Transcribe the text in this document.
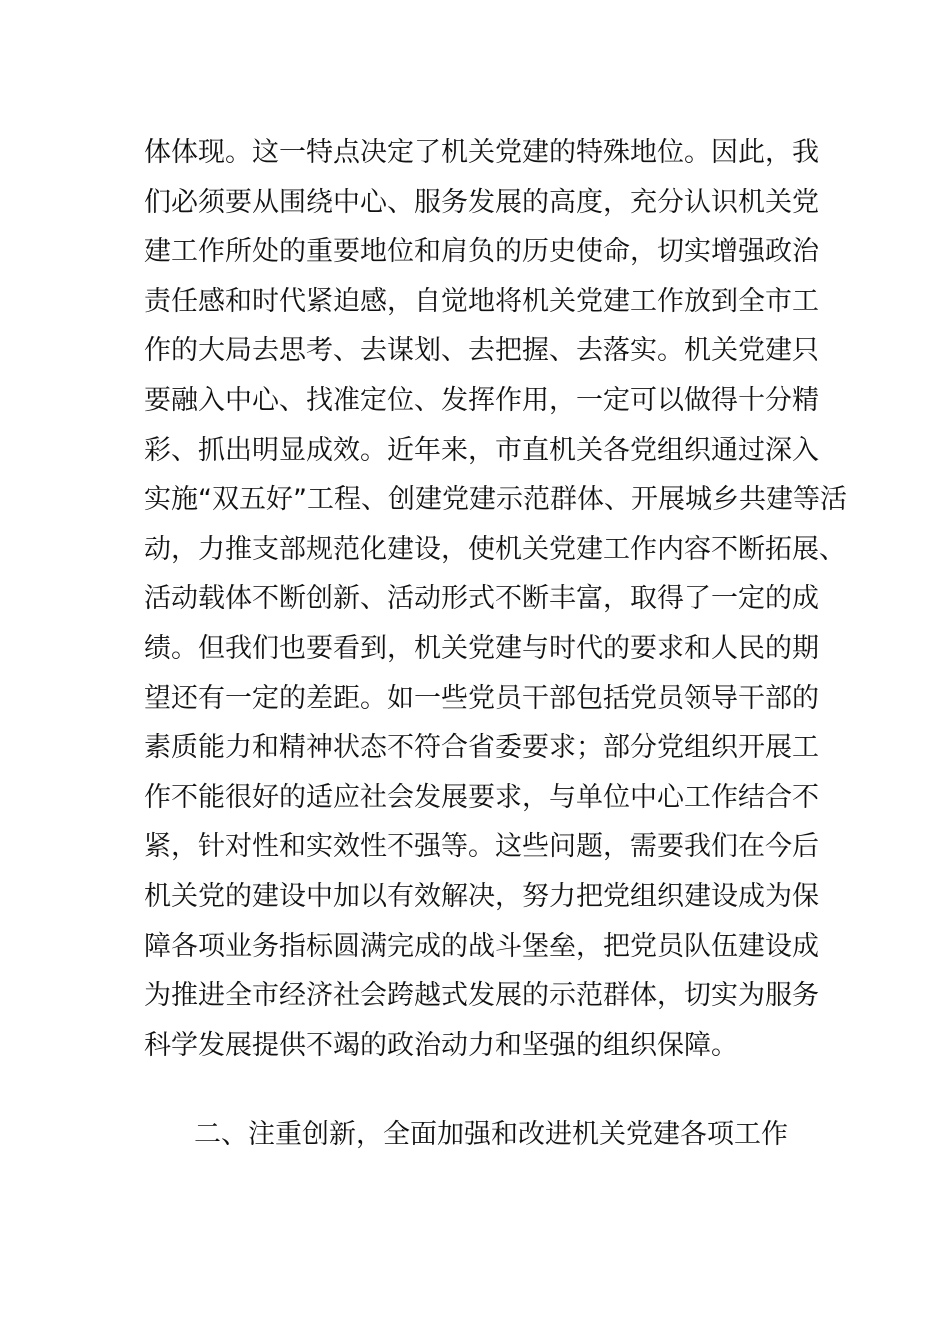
体体现。这一特点决定了机关党建的特殊地位。因此，我
们必须要从围绕中心、服务发展的高度，充分认识机关党
建工作所处的重要地位和肩负的历史使命，切实增强政治
责任感和时代紧迫感，自觉地将机关党建工作放到全市工
作的大局去思考、去谋划、去把握、去落实。机关党建只
要融入中心、找准定位、发挥作用，一定可以做得十分精
彩、抓出明显成效。近年来，市直机关各党组织通过深入
实施“双五好”工程、创建党建示范群体、开展城乡共建等活
动，力推支部规范化建设，使机关党建工作内容不断拓展、
活动载体不断创新、活动形式不断丰富，取得了一定的成
绩。但我们也要看到，机关党建与时代的要求和人民的期
望还有一定的差距。如一些党员干部包括党员领导干部的
素质能力和精神状态不符合省委要求；部分党组织开展工
作不能很好的适应社会发展要求，与单位中心工作结合不
紧，针对性和实效性不强等。这些问题，需要我们在今后
机关党的建设中加以有效解决，努力把党组织建设成为保
障各项业务指标圆满完成的战斗堡垒，把党员队伍建设成
为推进全市经济社会跨越式发展的示范群体，切实为服务
科学发展提供不竭的政治动力和坚强的组织保障。
二、注重创新，全面加强和改进机关党建各项工作
